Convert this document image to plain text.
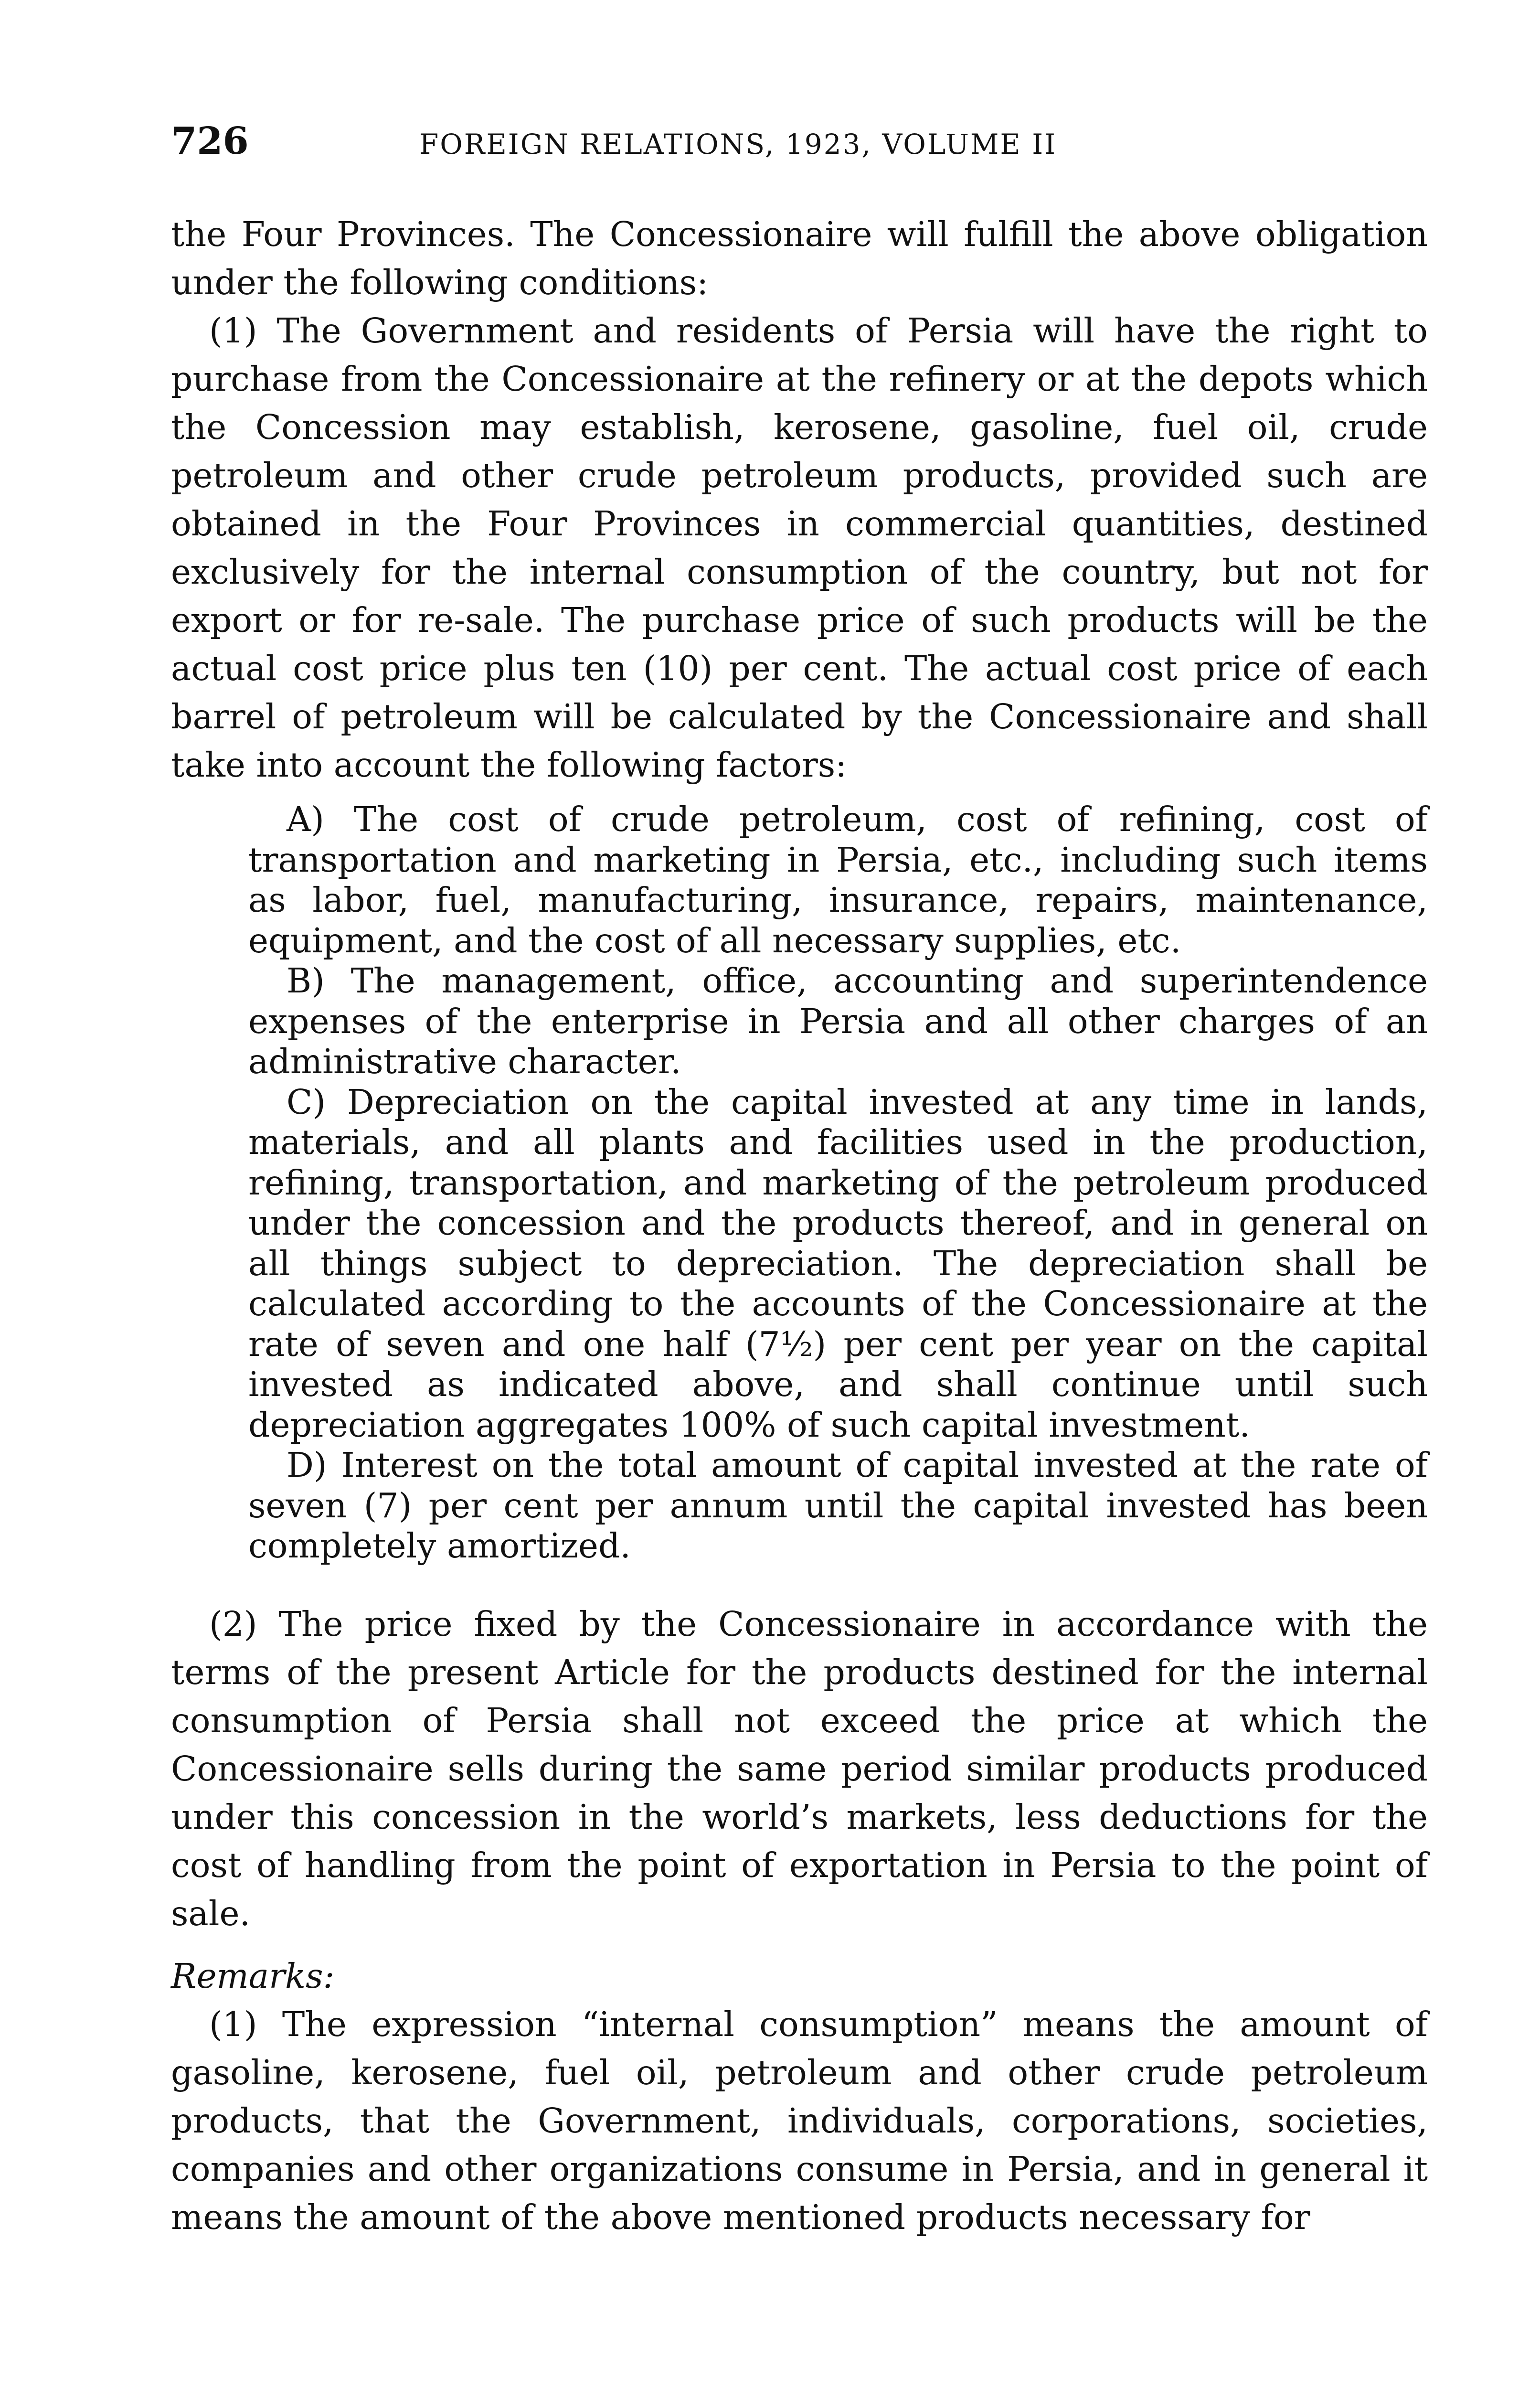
726	FOREIGN RELATIONS, 1923, VOLUME II

the Four Provinces. The Concessionaire will fulfill the above obligation under the following conditions:

(1) The Government and residents of Persia will have the right to purchase from the Concessionaire at the refinery or at the depots which the Concession may establish, kerosene, gasoline, fuel oil, crude petroleum and other crude petroleum products, provided such are obtained in the Four Provinces in commercial quantities, destined exclusively for the internal consumption of the country, but not for export or for re-sale. The purchase price of such products will be the actual cost price plus ten (10) per cent. The actual cost price of each barrel of petroleum will be calculated by the Concessionaire and shall take into account the following factors:

A) The cost of crude petroleum, cost of refining, cost of transportation and marketing in Persia, etc., including such items as labor, fuel, manufacturing, insurance, repairs, maintenance, equipment, and the cost of all necessary supplies, etc.

B) The management, office, accounting and superintendence expenses of the enterprise in Persia and all other charges of an administrative character.

C) Depreciation on the capital invested at any time in lands, materials, and all plants and facilities used in the production, refining, transportation, and marketing of the petroleum produced under the concession and the products thereof, and in general on all things subject to depreciation. The depreciation shall be calculated according to the accounts of the Concessionaire at the rate of seven and one half (7½) per cent per year on the capital invested as indicated above, and shall continue until such depreciation aggregates 100% of such capital investment.

D) Interest on the total amount of capital invested at the rate of seven (7) per cent per annum until the capital invested has been completely amortized.

(2) The price fixed by the Concessionaire in accordance with the terms of the present Article for the products destined for the internal consumption of Persia shall not exceed the price at which the Concessionaire sells during the same period similar products produced under this concession in the world’s markets, less deductions for the cost of handling from the point of exportation in Persia to the point of sale.

Remarks:

(1) The expression “internal consumption” means the amount of gasoline, kerosene, fuel oil, petroleum and other crude petroleum products, that the Government, individuals, corporations, societies, companies and other organizations consume in Persia, and in general it means the amount of the above mentioned products necessary for
